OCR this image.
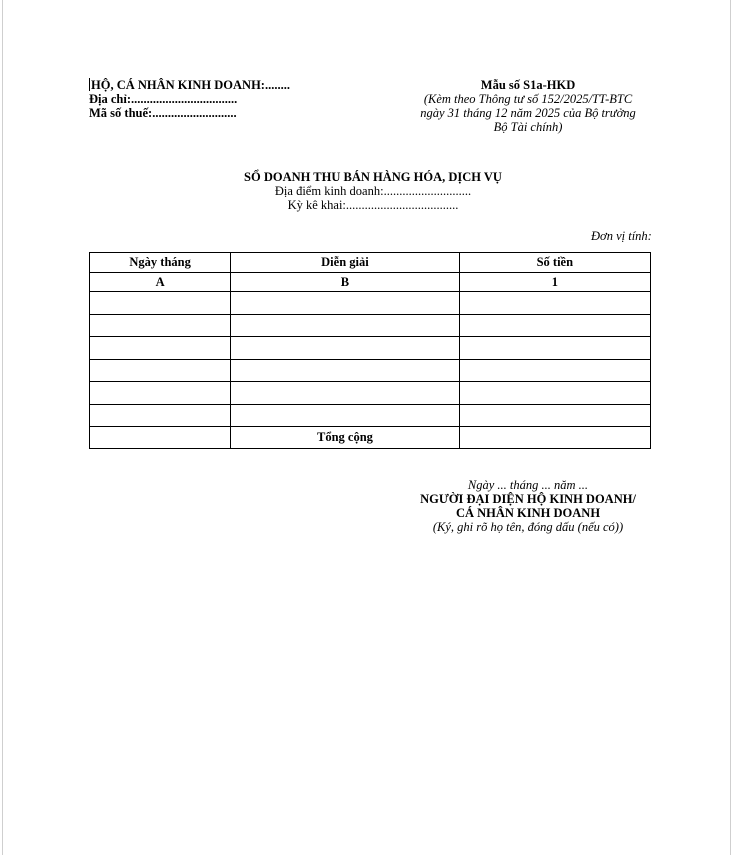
HỘ, CÁ NHÂN KINH DOANH:........
Địa chỉ:..................................
Mã số thuế:...........................
Mẫu số S1a-HKD
(Kèm theo Thông tư số 152/2025/TT-BTC
ngày 31 tháng 12 năm 2025 của Bộ trưởng
Bộ Tài chính)
SỔ DOANH THU BÁN HÀNG HÓA, DỊCH VỤ
Địa điểm kinh doanh:............................
Kỳ kê khai:....................................
Đơn vị tính:
Ngày tháng	Diễn giải	Số tiền
A	B	1

	Tổng cộng	
Ngày ... tháng ... năm ...
NGƯỜI ĐẠI DIỆN HỘ KINH DOANH/
CÁ NHÂN KINH DOANH
(Ký, ghi rõ họ tên, đóng dấu (nếu có))
